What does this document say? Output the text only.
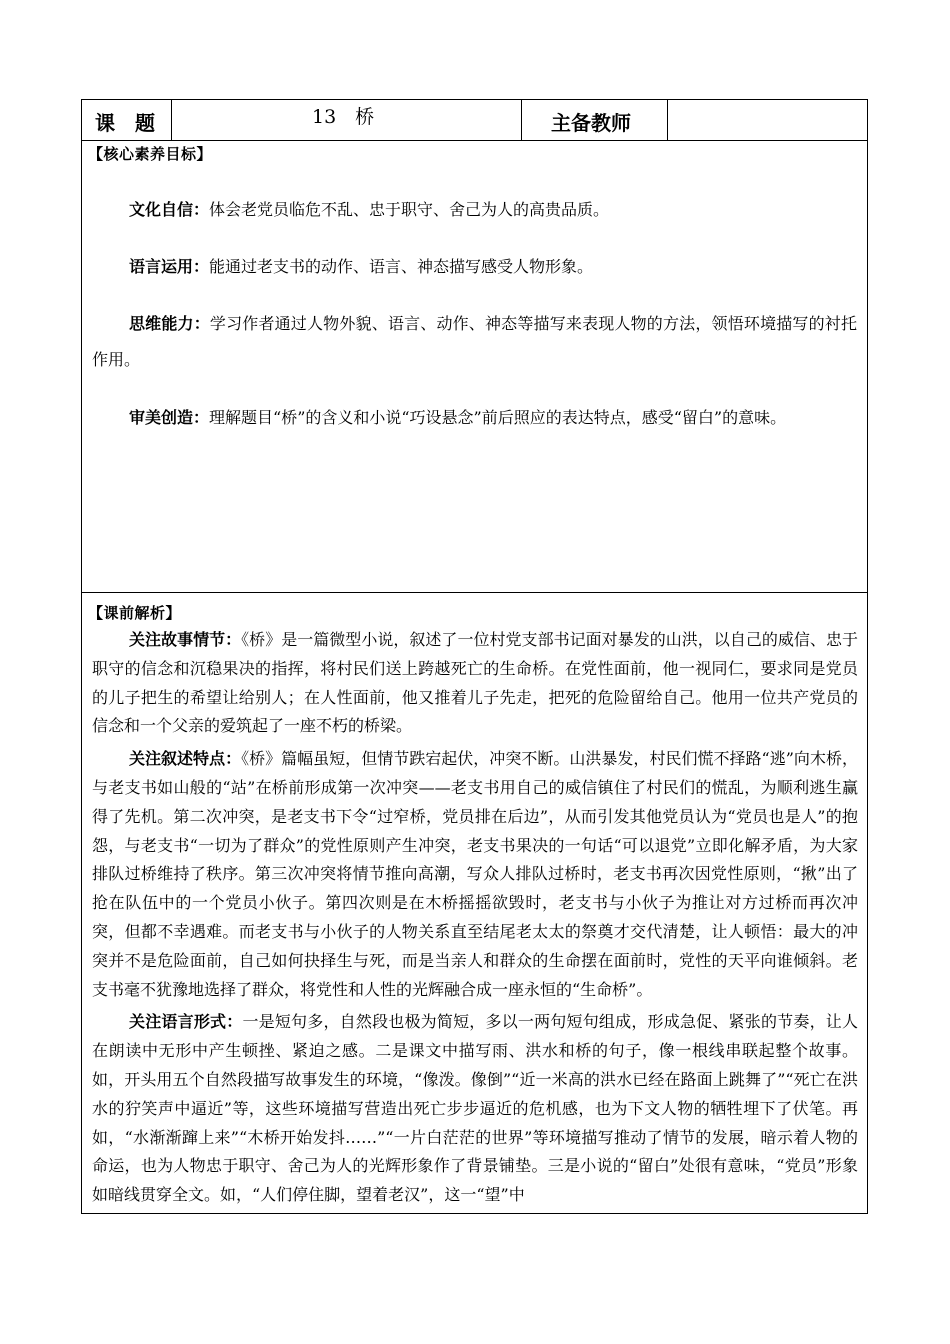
课　题	13　桥	主备教师
【核心素养目标】

文化自信：体会老党员临危不乱、忠于职守、舍己为人的高贵品质。

语言运用：能通过老支书的动作、语言、神态描写感受人物形象。

思维能力：学习作者通过人物外貌、语言、动作、神态等描写来表现人物的方法，领悟环境描写的衬托作用。

审美创造：理解题目“桥”的含义和小说“巧设悬念”前后照应的表达特点，感受“留白”的意味。

【课前解析】

关注故事情节：《桥》是一篇微型小说，叙述了一位村党支部书记面对暴发的山洪，以自己的威信、忠于职守的信念和沉稳果决的指挥，将村民们送上跨越死亡的生命桥。在党性面前，他一视同仁，要求同是党员的儿子把生的希望让给别人；在人性面前，他又推着儿子先走，把死的危险留给自己。他用一位共产党员的信念和一个父亲的爱筑起了一座不朽的桥梁。

关注叙述特点：《桥》篇幅虽短，但情节跌宕起伏，冲突不断。山洪暴发，村民们慌不择路“逃”向木桥，与老支书如山般的“站”在桥前形成第一次冲突——老支书用自己的威信镇住了村民们的慌乱，为顺利逃生赢得了先机。第二次冲突，是老支书下令“过窄桥，党员排在后边”，从而引发其他党员认为“党员也是人”的抱怨，与老支书“一切为了群众”的党性原则产生冲突，老支书果决的一句话“可以退党”立即化解矛盾，为大家排队过桥维持了秩序。第三次冲突将情节推向高潮，写众人排队过桥时，老支书再次因党性原则，“揪”出了抢在队伍中的一个党员小伙子。第四次则是在木桥摇摇欲毁时，老支书与小伙子为推让对方过桥而再次冲突，但都不幸遇难。而老支书与小伙子的人物关系直至结尾老太太的祭奠才交代清楚，让人顿悟：最大的冲突并不是危险面前，自己如何抉择生与死，而是当亲人和群众的生命摆在面前时，党性的天平向谁倾斜。老支书毫不犹豫地选择了群众，将党性和人性的光辉融合成一座永恒的“生命桥”。

关注语言形式：一是短句多，自然段也极为简短，多以一两句短句组成，形成急促、紧张的节奏，让人在朗读中无形中产生顿挫、紧迫之感。二是课文中描写雨、洪水和桥的句子，像一根线串联起整个故事。如，开头用五个自然段描写故事发生的环境，“像泼。像倒”“近一米高的洪水已经在路面上跳舞了”“死亡在洪水的狞笑声中逼近”等，这些环境描写营造出死亡步步逼近的危机感，也为下文人物的牺牲埋下了伏笔。再如，“水渐渐蹿上来”“木桥开始发抖……”“一片白茫茫的世界”等环境描写推动了情节的发展，暗示着人物的命运，也为人物忠于职守、舍己为人的光辉形象作了背景铺垫。三是小说的“留白”处很有意味，“党员”形象如暗线贯穿全文。如，“人们停住脚，望着老汉”，这一“望”中
